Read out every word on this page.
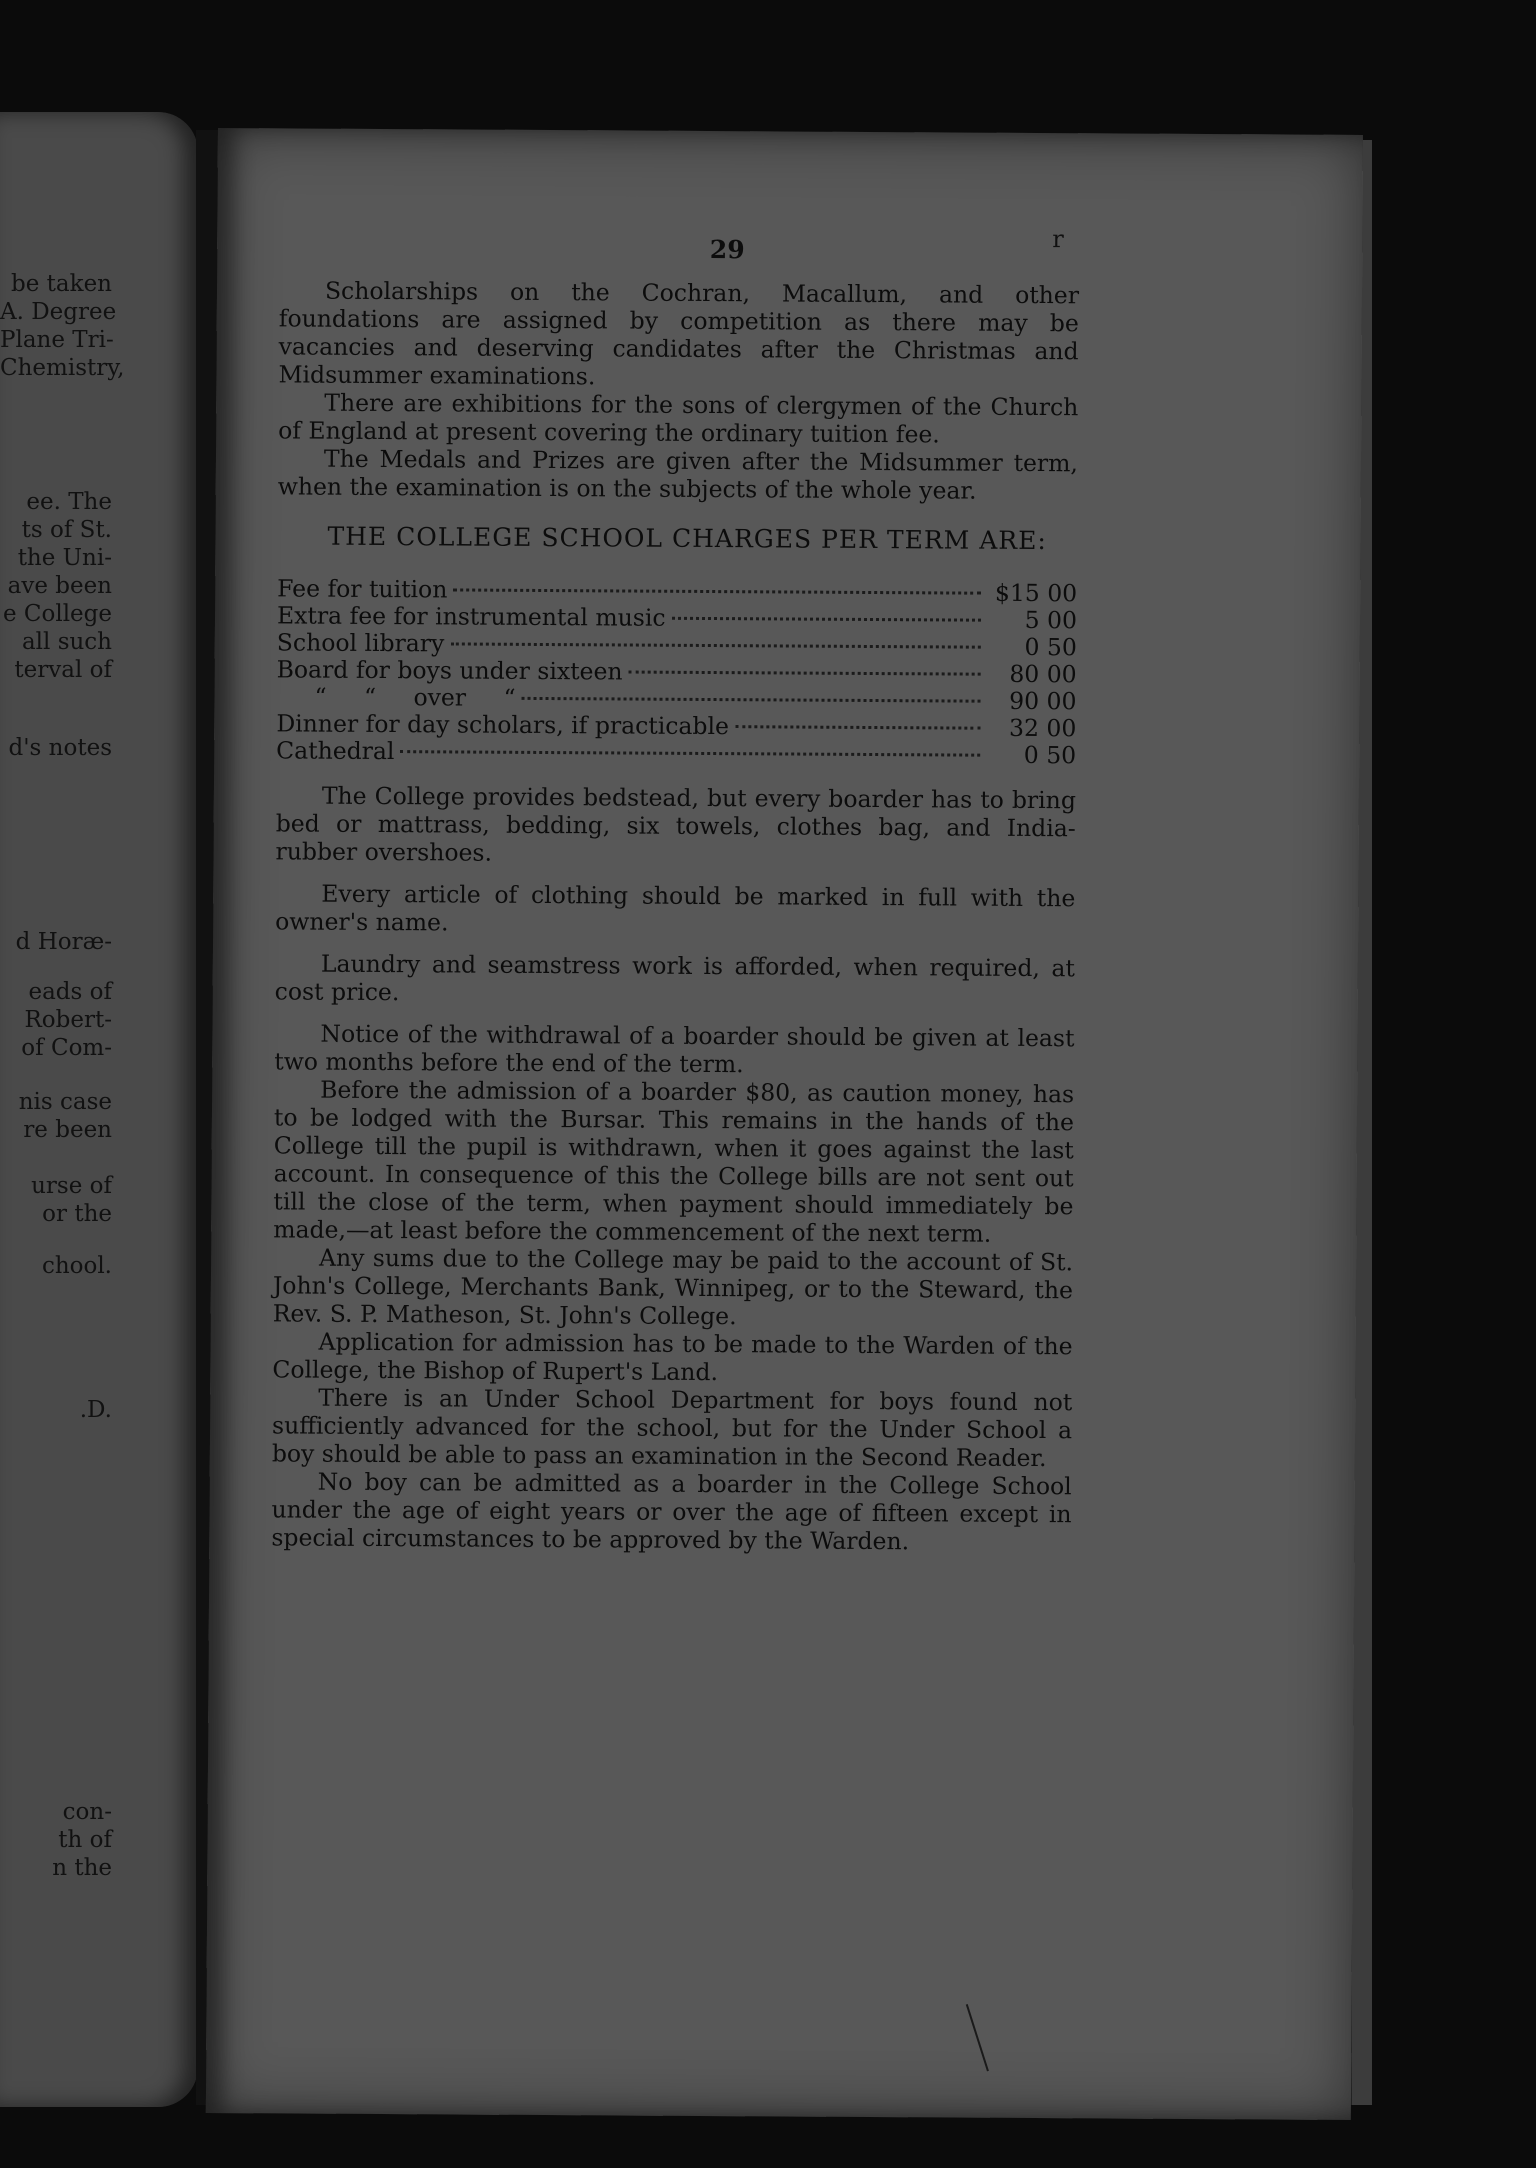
be taken
A. Degree
Plane Tri-
Chemistry,
ee. The
ts of St.
the Uni-
ave been
e College
all such
terval of
d's notes
d Horæ-
eads of
Robert-
of Com-
nis case
re been
urse of
or the
chool.
.D.
con-
th of
n the
29	r

Scholarships on the Cochran, Macallum, and other foundations are assigned by competition as there may be vacancies and deserving candidates after the Christmas and Midsummer examinations.

There are exhibitions for the sons of clergymen of the Church of England at present covering the ordinary tuition fee.

The Medals and Prizes are given after the Midsummer term, when the examination is on the subjects of the whole year.

THE COLLEGE SCHOOL CHARGES PER TERM ARE:
Fee for tuition	$15 00
Extra fee for instrumental music	5 00
School library	0 50
Board for boys under sixteen	80 00
“ “ over “	90 00
Dinner for day scholars, if practicable	32 00
Cathedral	0 50

The College provides bedstead, but every boarder has to bring bed or mattrass, bedding, six towels, clothes bag, and India-rubber overshoes.

Every article of clothing should be marked in full with the owner's name.

Laundry and seamstress work is afforded, when required, at cost price.

Notice of the withdrawal of a boarder should be given at least two months before the end of the term.

Before the admission of a boarder $80, as caution money, has to be lodged with the Bursar. This remains in the hands of the College till the pupil is withdrawn, when it goes against the last account. In consequence of this the College bills are not sent out till the close of the term, when payment should immediately be made,—at least before the commencement of the next term.

Any sums due to the College may be paid to the account of St. John's College, Merchants Bank, Winnipeg, or to the Steward, the Rev. S. P. Matheson, St. John's College.

Application for admission has to be made to the Warden of the College, the Bishop of Rupert's Land.

There is an Under School Department for boys found not sufficiently advanced for the school, but for the Under School a boy should be able to pass an examination in the Second Reader.

No boy can be admitted as a boarder in the College School under the age of eight years or over the age of fifteen except in special circumstances to be approved by the Warden.
